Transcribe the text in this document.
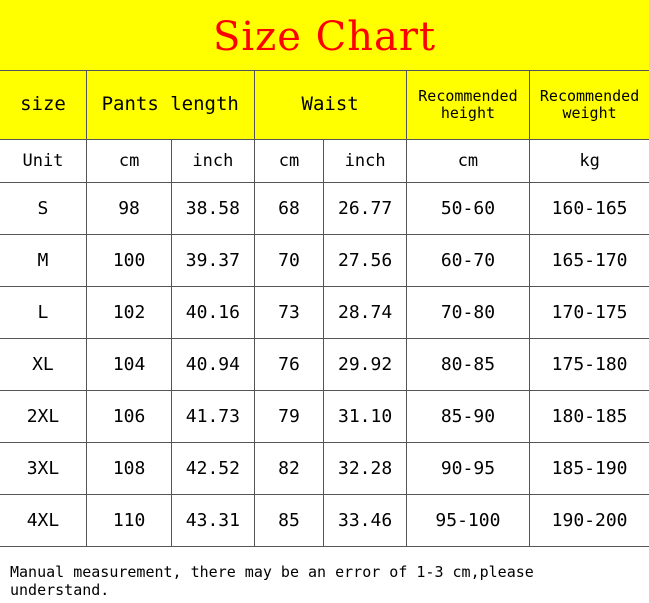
Size Chart
size	Pants length		Waist		Recommended height	Recommended weight
Unit	cm	inch	cm	inch	cm	kg
S	98	38.58	68	26.77	50-60	160-165
M	100	39.37	70	27.56	60-70	165-170
L	102	40.16	73	28.74	70-80	170-175
XL	104	40.94	76	29.92	80-85	175-180
2XL	106	41.73	79	31.10	85-90	180-185
3XL	108	42.52	82	32.28	90-95	185-190
4XL	110	43.31	85	33.46	95-100	190-200
Manual measurement, there may be an error of 1-3 cm,please understand.
